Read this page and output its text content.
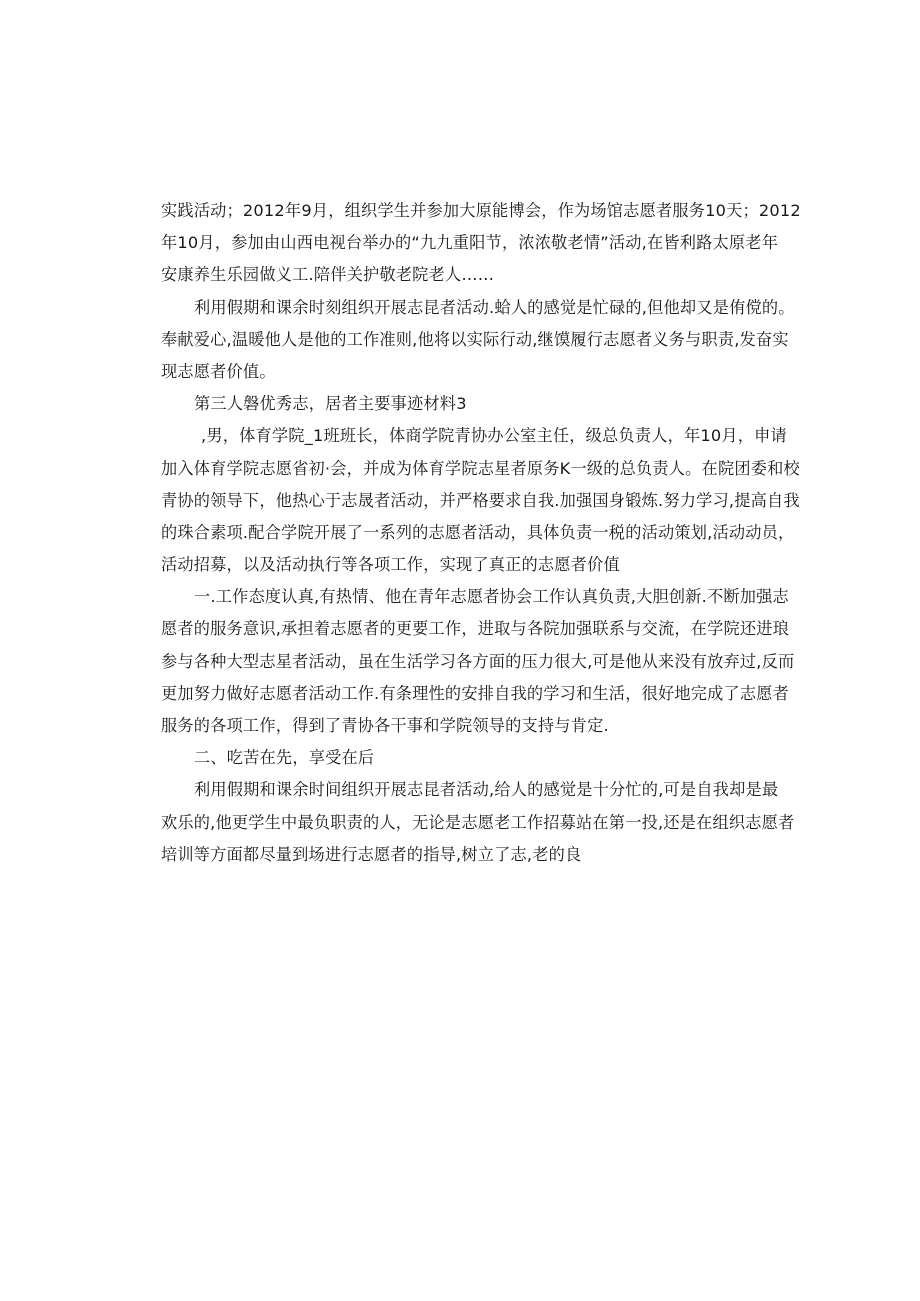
实践活动；2012年9月，组织学生并参加大原能博会，作为场馆志愿者服务10天；2012
年10月，参加由山西电视台举办的“九九重阳节，浓浓敬老情”活动,在皆利路太原老年
安康养生乐园做义工.陪伴关护敬老院老人……
利用假期和课余时刻组织开展志昆者活动.蛤人的感觉是忙碌的,但他却又是侑傥的。
奉献爱心,温暖他人是他的工作准则,他将以实际行动,继馍履行志愿者义务与职责,发奋实
现志愿者价值。
第三人磐优秀志，居者主要事迹材料3
,男，体育学院_1班班长，体商学院青协办公室主任，级总负责人，年10月，申请
加入体育学院志愿省初·会，并成为体育学院志星者原务K一级的总负责人。在院团委和校
青协的领导下，他热心于志晟者活动，并严格要求自我.加强国身锻炼.努力学习,提高自我
的珠合素项.配合学院开展了一系列的志愿者活动，具体负责一税的活动策划,活动动员，
活动招募，以及活动执行等各项工作，实现了真正的志愿者价值
一.工作态度认真,有热情、他在青年志愿者协会工作认真负责,大胆创新.不断加强志
愿者的服务意识,承担着志愿者的更要工作，进取与各院加强联系与交流，在学院还进琅
参与各种大型志星者活动，虽在生活学习各方面的压力很大,可是他从来没有放弃过,反而
更加努力做好志愿者活动工作.有条理性的安排自我的学习和生活，很好地完成了志愿者
服务的各项工作，得到了青协各干事和学院领导的支持与肯定.
二、吃苦在先，享受在后
利用假期和课余时间组织开展志昆者活动,给人的感觉是十分忙的,可是自我却是最
欢乐的,他更学生中最负职责的人，无论是志愿老工作招募站在第一投,还是在组织志愿者
培训等方面都尽量到场进行志愿者的指导,树立了志,老的良
